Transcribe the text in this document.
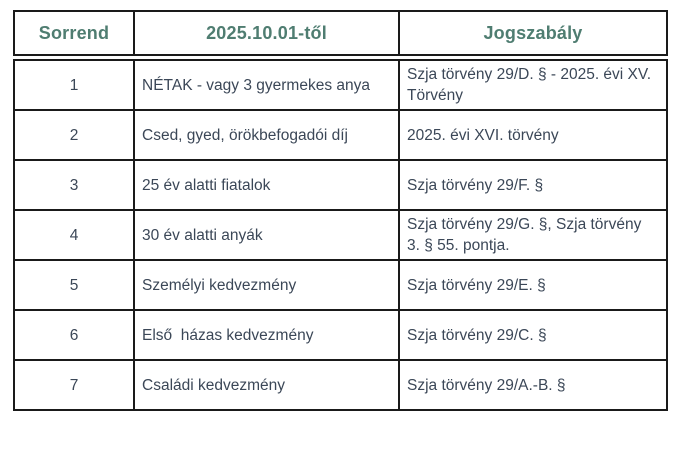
Sorrend	2025.10.01-től	Jogszabály
1	NÉTAK - vagy 3 gyermekes anya	Szja törvény 29/D. § - 2025. évi XV. Törvény
2	Csed, gyed, örökbefogadói díj	2025. évi XVI. törvény
3	25 év alatti fiatalok	Szja törvény 29/F. §
4	30 év alatti anyák	Szja törvény 29/G. §, Szja törvény 3. § 55. pontja.
5	Személyi kedvezmény	Szja törvény 29/E. §
6	Első  házas kedvezmény	Szja törvény 29/C. §
7	Családi kedvezmény	Szja törvény 29/A.-B. §
